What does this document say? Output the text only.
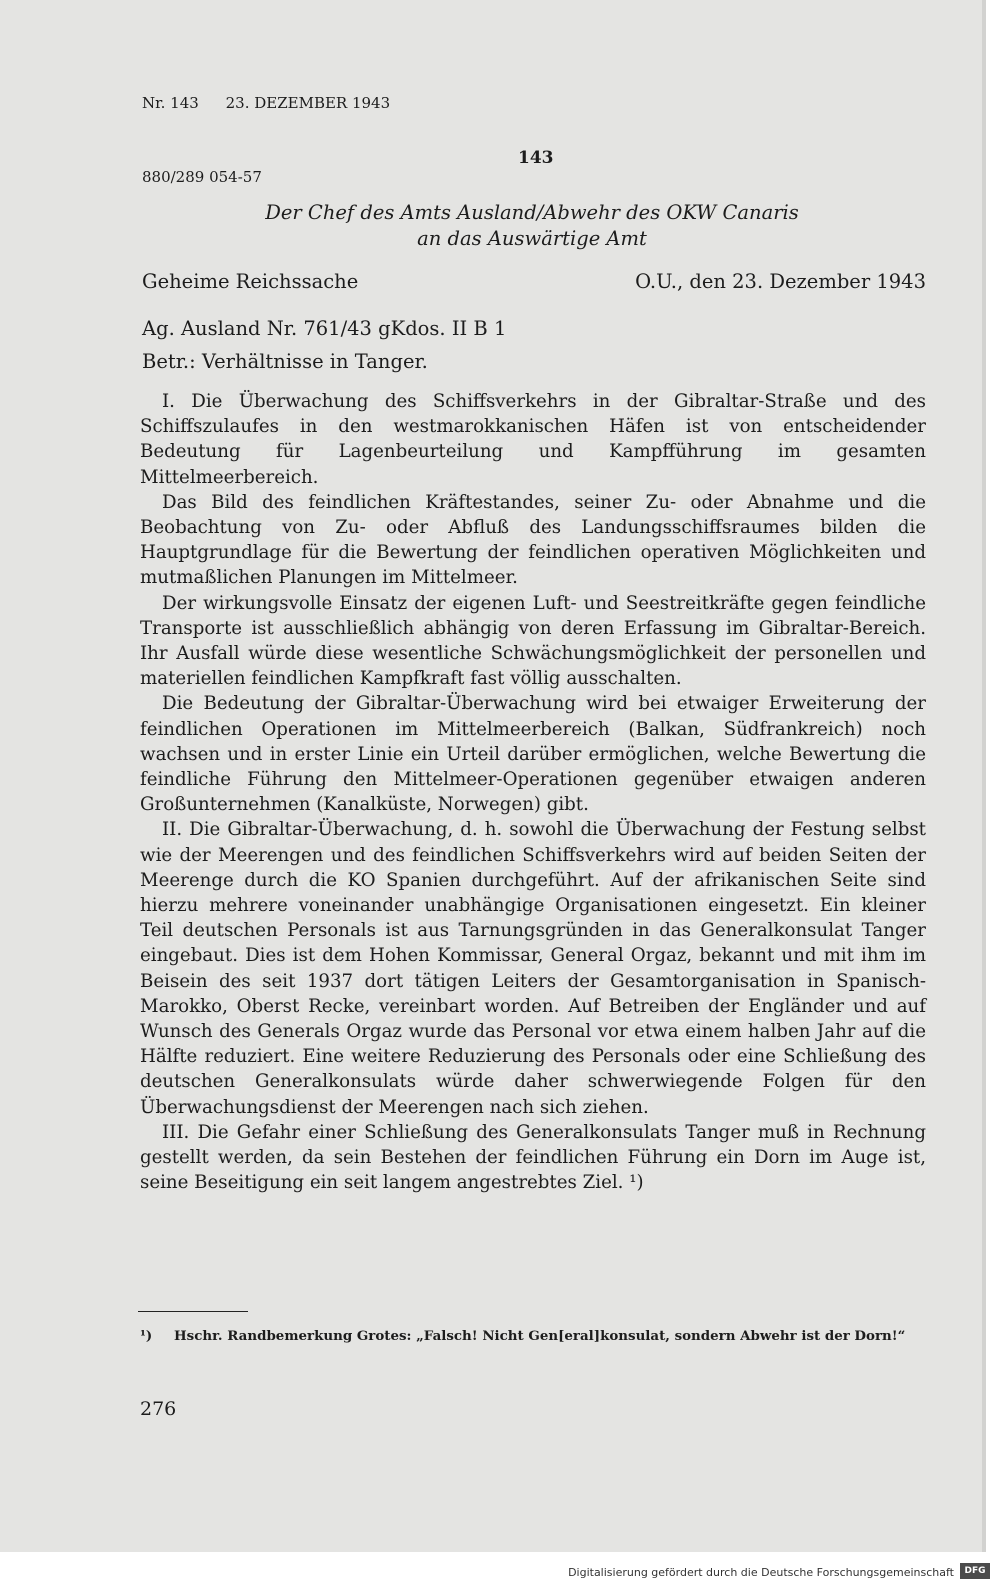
Nr. 143 23. DEZEMBER 1943
143
880/289 054-57
Der Chef des Amts Ausland/Abwehr des OKW Canaris
an das Auswärtige Amt
Geheime Reichssache	O.U., den 23. Dezember 1943
Ag. Ausland Nr. 761/43 gKdos. II B 1
Betr.: Verhältnisse in Tanger.

I. Die Überwachung des Schiffsverkehrs in der Gibraltar-Straße und des Schiffszulaufes in den westmarokkanischen Häfen ist von entscheidender Bedeutung für Lagenbeurteilung und Kampfführung im gesamten Mittelmeerbereich.

Das Bild des feindlichen Kräftestandes, seiner Zu- oder Abnahme und die Beobachtung von Zu- oder Abfluß des Landungsschiffsraumes bilden die Hauptgrundlage für die Bewertung der feindlichen operativen Möglichkeiten und mutmaßlichen Planungen im Mittelmeer.

Der wirkungsvolle Einsatz der eigenen Luft- und Seestreitkräfte gegen feindliche Transporte ist ausschließlich abhängig von deren Erfassung im Gibraltar-Bereich. Ihr Ausfall würde diese wesentliche Schwächungsmöglichkeit der personellen und materiellen feindlichen Kampfkraft fast völlig ausschalten.

Die Bedeutung der Gibraltar-Überwachung wird bei etwaiger Erweiterung der feindlichen Operationen im Mittelmeerbereich (Balkan, Südfrankreich) noch wachsen und in erster Linie ein Urteil darüber ermöglichen, welche Bewertung die feindliche Führung den Mittelmeer-Operationen gegenüber etwaigen anderen Großunternehmen (Kanalküste, Norwegen) gibt.

II. Die Gibraltar-Überwachung, d. h. sowohl die Überwachung der Festung selbst wie der Meerengen und des feindlichen Schiffsverkehrs wird auf beiden Seiten der Meerenge durch die KO Spanien durchgeführt. Auf der afrikanischen Seite sind hierzu mehrere voneinander unabhängige Organisationen eingesetzt. Ein kleiner Teil deutschen Personals ist aus Tarnungsgründen in das Generalkonsulat Tanger eingebaut. Dies ist dem Hohen Kommissar, General Orgaz, bekannt und mit ihm im Beisein des seit 1937 dort tätigen Leiters der Gesamtorganisation in Spanisch-Marokko, Oberst Recke, vereinbart worden. Auf Betreiben der Engländer und auf Wunsch des Generals Orgaz wurde das Personal vor etwa einem halben Jahr auf die Hälfte reduziert. Eine weitere Reduzierung des Personals oder eine Schließung des deutschen Generalkonsulats würde daher schwerwiegende Folgen für den Überwachungsdienst der Meerengen nach sich ziehen.

III. Die Gefahr einer Schließung des Generalkonsulats Tanger muß in Rechnung gestellt werden, da sein Bestehen der feindlichen Führung ein Dorn im Auge ist, seine Beseitigung ein seit langem angestrebtes Ziel. ¹)

¹)	Hschr. Randbemerkung Grotes: „Falsch! Nicht Gen[eral]konsulat, sondern Abwehr ist der Dorn!“
276
Digitalisierung gefördert durch die Deutsche Forschungsgemeinschaft	DFG
